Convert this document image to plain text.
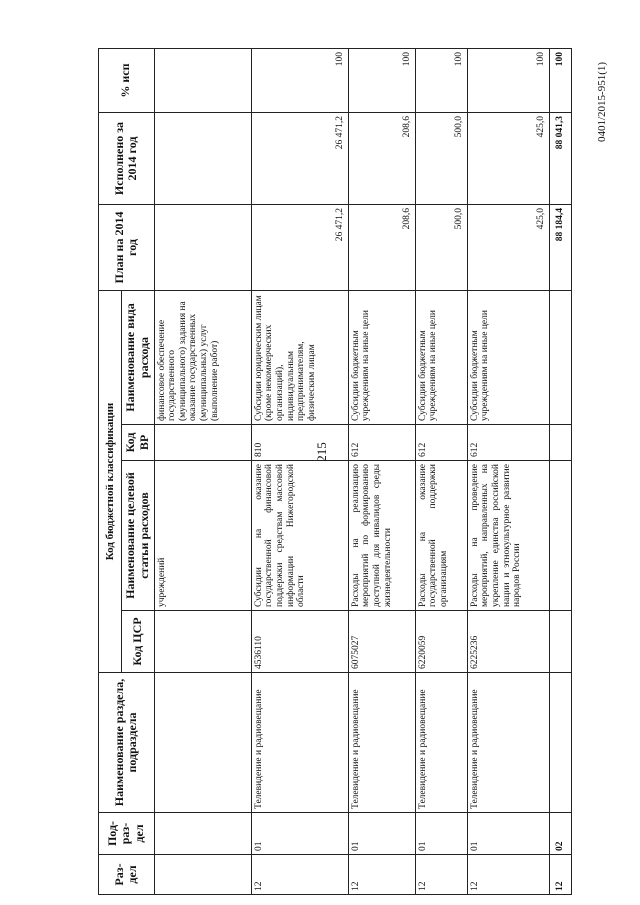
215
0401/2015-951(1)
Раз-дел	Под-раз-дел	Наименование раздела, подраздела	Код бюджетной классификации				План на 2014 год	Исполнено за 2014 год	% исп
			Код ЦСР	Наименование целевой статьи расходов	Код ВР	Наименование вида расхода			
				учреждений		финансовое обеспечение государственного (муниципального) задания на оказание государственных (муниципальных) услуг (выполнение работ)			
12	01	Телевидение и радиовещание	4536110	Субсидии на оказание государственной финансовой поддержки средствам массовой информации Нижегородской области	810	Субсидии юридическим лицам (кроме некоммерческих организаций), индивидуальным предпринимателям, физическим лицам	26 471,2	26 471,2	100
12	01	Телевидение и радиовещание	6075027	Расходы на реализацию мероприятий по формированию доступной для инвалидов среды жизнедеятельности	612	Субсидии бюджетным учреждениям на иные цели	208,6	208,6	100
12	01	Телевидение и радиовещание	6220059	Расходы на оказание государственной поддержки организациям	612	Субсидии бюджетным учреждениям на иные цели	500,0	500,0	100
12	01	Телевидение и радиовещание	6225236	Расходы на проведение мероприятий, направленных на укрепление единства российской нации и этнокультурное развитие народов России	612	Субсидии бюджетным учреждениям на иные цели	425,0	425,0	100
12	02						88 184,4	88 041,3	100
